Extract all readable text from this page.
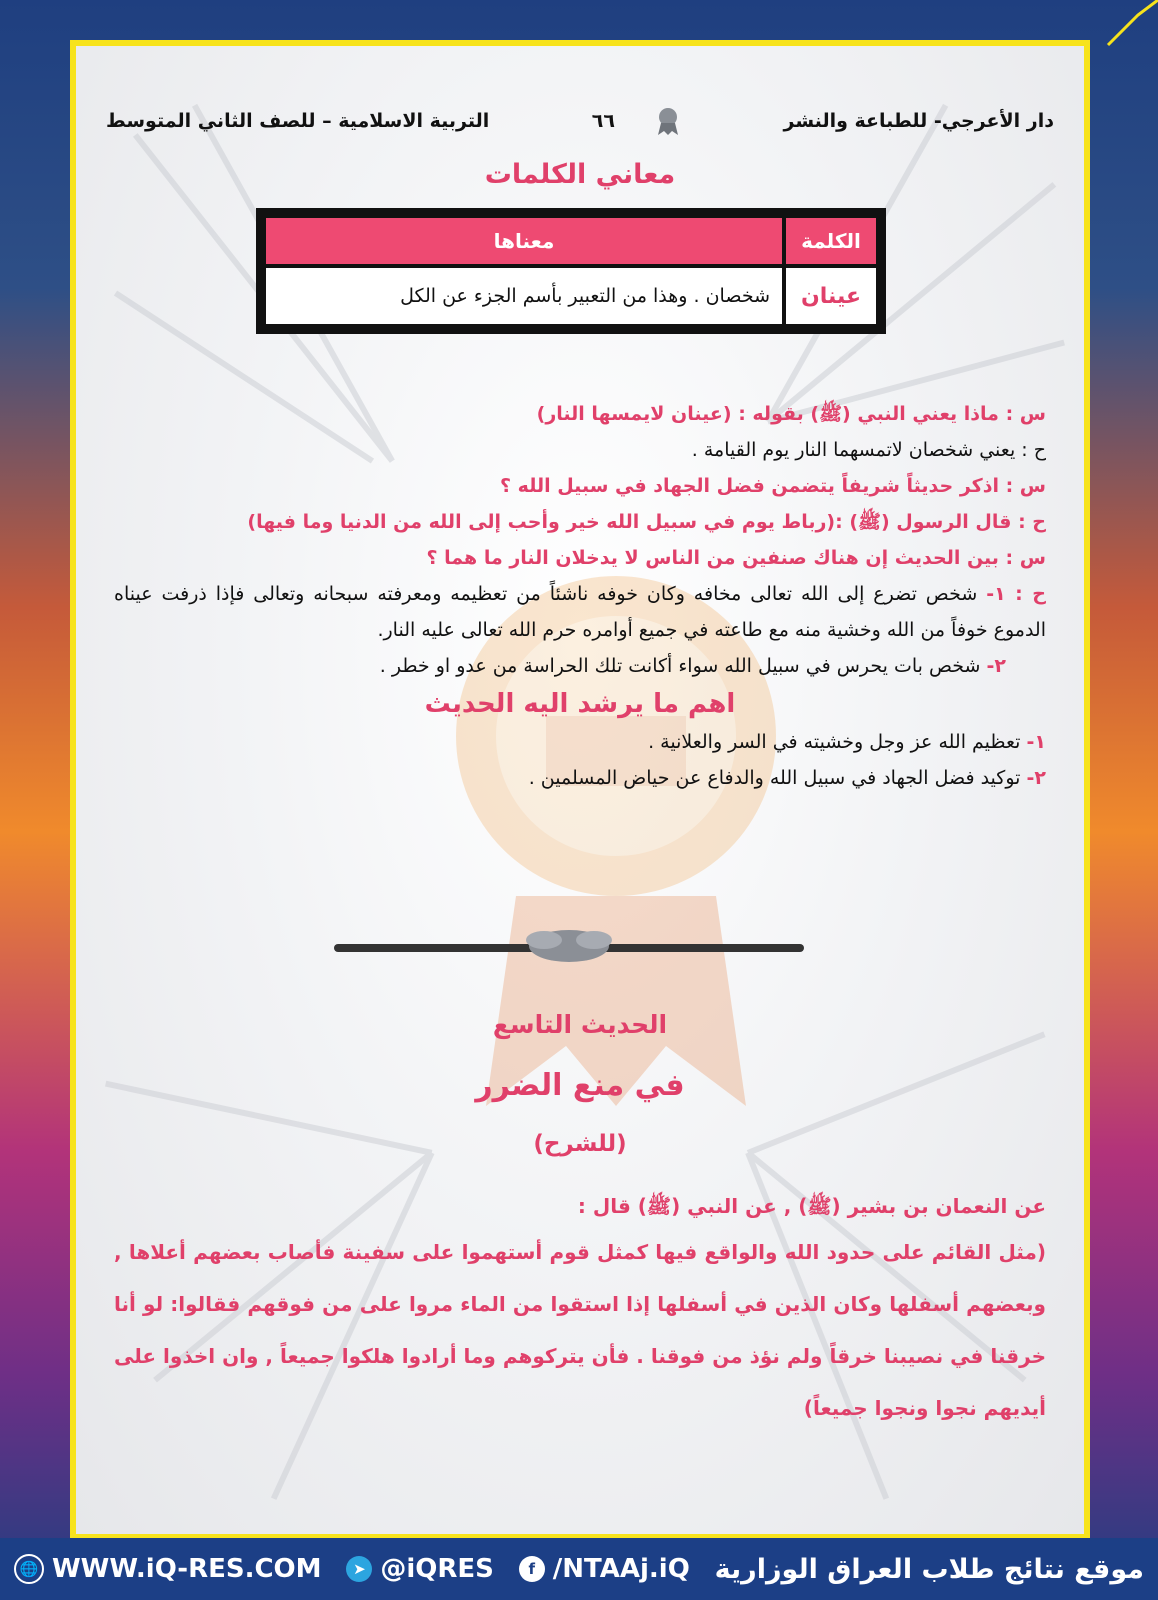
دار الأعرجي- للطباعة والنشر
٦٦
التربية الاسلامية – للصف الثاني المتوسط
معاني الكلمات
الكلمة	معناها
عينان	شخصان . وهذا من التعبير بأسم الجزء عن الكل
س : ماذا يعني النبي (ﷺ) بقوله : (عينان لايمسها النار)
ح : يعني شخصان لاتمسهما النار يوم القيامة .
س : اذكر حديثاً شريفاً يتضمن فضل الجهاد في سبيل الله ؟
ح : قال الرسول (ﷺ) :(رباط يوم في سبيل الله خير وأحب إلى الله من الدنيا وما فيها)
س : بين الحديث إن هناك صنفين من الناس لا يدخلان النار ما هما ؟
ح : ١- شخص تضرع إلى الله تعالى مخافه وكان خوفه ناشئاً من تعظيمه ومعرفته سبحانه وتعالى فإذا ذرفت عيناه الدموع خوفاً من الله وخشية منه مع طاعته في جميع أوامره حرم الله تعالى عليه النار.
٢- شخص بات يحرس في سبيل الله سواء أكانت تلك الحراسة من عدو او خطر .
اهم ما يرشد اليه الحديث
١- تعظيم الله عز وجل وخشيته في السر والعلانية .
٢- توكيد فضل الجهاد في سبيل الله والدفاع عن حياض المسلمين .
الحديث التاسع
في منع الضرر
(للشرح)
عن النعمان بن بشير (ﷺ) , عن النبي (ﷺ) قال :
(مثل القائم على حدود الله والواقع فيها كمثل قوم أستهموا على سفينة فأصاب بعضهم أعلاها , وبعضهم أسفلها وكان الذين في أسفلها إذا استقوا من الماء مروا على من فوقهم فقالوا: لو أنا خرقنا في نصيبنا خرقاً ولم نؤذ من فوقنا . فأن يتركوهم وما أرادوا هلكوا جميعاً , وان اخذوا على أيديهم نجوا ونجوا جميعاً)
🌐 WWW.iQ-RES.COM	➤ @iQRES	f /NTAAj.iQ موقع نتائج طلاب العراق الوزارية
